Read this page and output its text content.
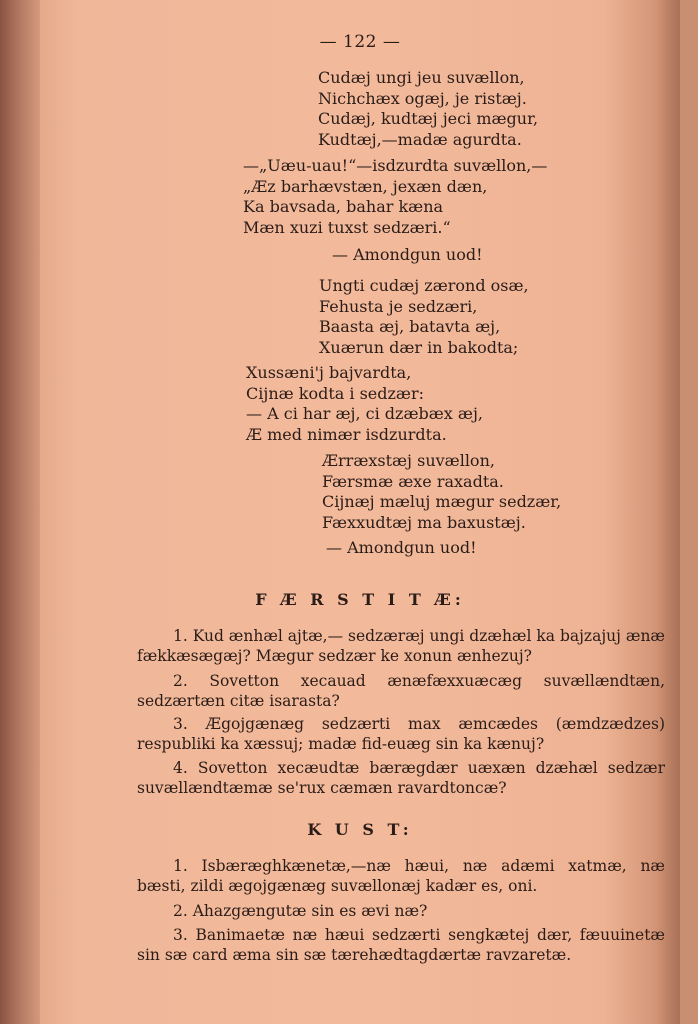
— 122 —
Cudæj ungi jeu suvællon,
Nichchæx ogæj, je ristæj.
Cudæj, kudtæj jeci mægur,
Kudtæj,—madæ agurdta.
—„Uæu-uau!“—isdzurdta suvællon,—
„Æz barhævstæn, jexæn dæn,
Ka bavsada, bahar kæna
Mæn xuzi tuxst sedzæri.“
— Amondgun uod!
Ungti cudæj zærond osæ,
Fehusta je sedzæri,
Baasta æj, batavta æj,
Xuærun dær in bakodta;
Xussæni'j bajvardta,
Cijnæ kodta i sedzær:
— A ci har æj, ci dzæbæx æj,
Æ med nimær isdzurdta.
Ærræxstæj suvællon,
Færsmæ æxe raxadta.
Cijnæj mæluj mægur sedzær,
Fæxxudtæj ma baxustæj.
— Amondgun uod!
F Æ R S T I T Æ:
1. Kud ænhæl ajtæ,— sedzæræj ungi dzæhæl ka bajzajuj ænæ fækkæsægæj? Mægur sedzær ke xonun ænhezuj?
2. Sovetton xecauad ænæfæxxuæcæg suvællændtæn, sedzærtæn citæ isarasta?
3. Ægojgænæg sedzærti max æmcædes (æmdzædzes) respubliki ka xæssuj; madæ fid-euæg sin ka kænuj?
4. Sovetton xecæudtæ bærægdær uæxæn dzæhæl sedzær suvællændtæmæ se'rux cæmæn ravardtoncæ?
K U S T:
1. Isbæræghkænetæ,—næ hæui, næ adæmi xatmæ, næ bæsti, zildi ægojgænæg suvællonæj kadær es, oni.
2. Ahazgængutæ sin es ævi næ?
3. Banimaetæ næ hæui sedzærti sengkætej dær, fæuuinetæ sin sæ card æma sin sæ tærehædtagdærtæ ravzaretæ.
